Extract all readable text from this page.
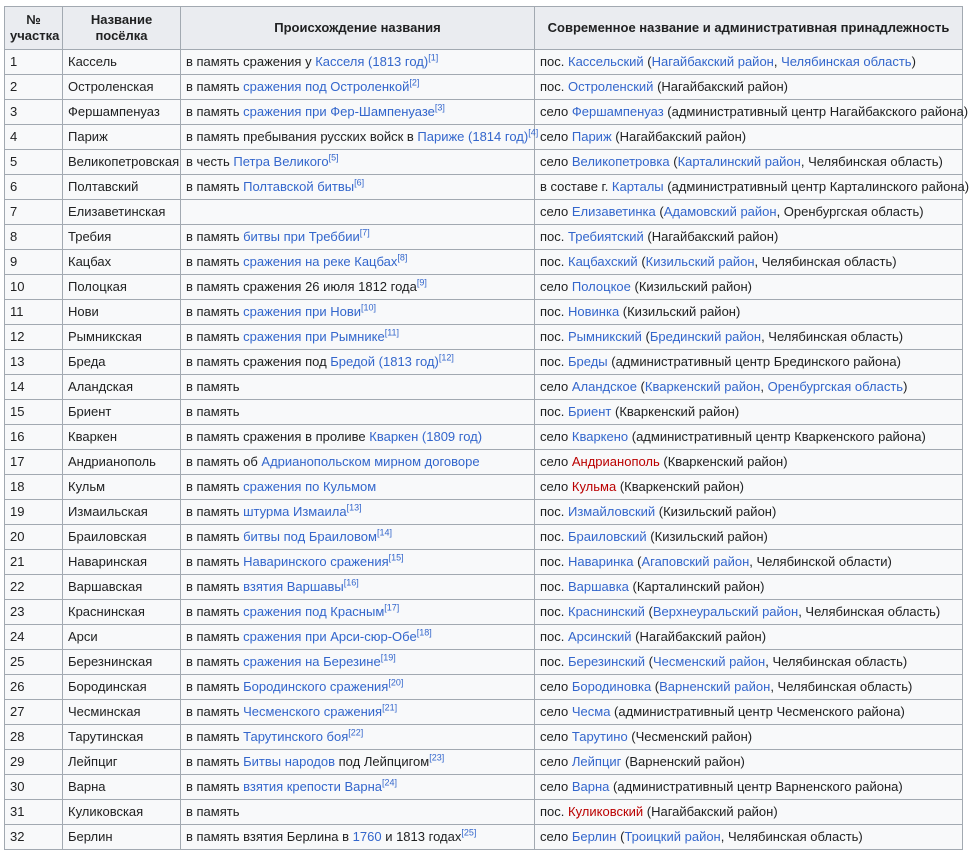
№ участка	Название посёлка	Происхождение названия	Современное название и административная принадлежность
1	Кассель	в память сражения у Касселя (1813 год)[1]	пос. Кассельский (Нагайбакский район, Челябинская область)
2	Остроленская	в память сражения под Остроленкой[2]	пос. Остроленский (Нагайбакский район)
3	Фершампенуаз	в память сражения при Фер-Шампенуазе[3]	село Фершампенуаз (административный центр Нагайбакского района)
4	Париж	в память пребывания русских войск в Париже (1814 год)[4]	село Париж (Нагайбакский район)
5	Великопетровская	в честь Петра Великого[5]	село Великопетровка (Карталинский район, Челябинская область)
6	Полтавский	в память Полтавской битвы[6]	в составе г. Карталы (административный центр Карталинского района)
7	Елизаветинская		село Елизаветинка (Адамовский район, Оренбургская область)
8	Требия	в память битвы при Треббии[7]	пос. Требиятский (Нагайбакский район)
9	Кацбах	в память сражения на реке Кацбах[8]	пос. Кацбахский (Кизильский район, Челябинская область)
10	Полоцкая	в память сражения 26 июля 1812 года[9]	село Полоцкое (Кизильский район)
11	Нови	в память сражения при Нови[10]	пос. Новинка (Кизильский район)
12	Рымникская	в память сражения при Рымнике[11]	пос. Рымникский (Брединский район, Челябинская область)
13	Бреда	в память сражения под Бредой (1813 год)[12]	пос. Бреды (административный центр Брединского района)
14	Аландская	в память	село Аландское (Кваркенский район, Оренбургская область)
15	Бриент	в память	пос. Бриент (Кваркенский район)
16	Кваркен	в память сражения в проливе Кваркен (1809 год)	село Кваркено (административный центр Кваркенского района)
17	Андрианополь	в память об Адрианопольском мирном договоре	село Андрианополь (Кваркенский район)
18	Кульм	в память сражения по Кульмом	село Кульма (Кваркенский район)
19	Измаильская	в память штурма Измаила[13]	пос. Измайловский (Кизильский район)
20	Браиловская	в память битвы под Браиловом[14]	пос. Браиловский (Кизильский район)
21	Наваринская	в память Наваринского сражения[15]	пос. Наваринка (Агаповский район, Челябинской области)
22	Варшавская	в память взятия Варшавы[16]	пос. Варшавка (Карталинский район)
23	Краснинская	в память сражения под Красным[17]	пос. Краснинский (Верхнеуральский район, Челябинская область)
24	Арси	в память сражения при Арси-сюр-Обе[18]	пос. Арсинский (Нагайбакский район)
25	Березнинская	в память сражения на Березине[19]	пос. Березинский (Чесменский район, Челябинская область)
26	Бородинская	в память Бородинского сражения[20]	село Бородиновка (Варненский район, Челябинская область)
27	Чесминская	в память Чесменского сражения[21]	село Чесма (административный центр Чесменского района)
28	Тарутинская	в память Тарутинского боя[22]	село Тарутино (Чесменский район)
29	Лейпциг	в память Битвы народов под Лейпцигом[23]	село Лейпциг (Варненский район)
30	Варна	в память взятия крепости Варна[24]	село Варна (административный центр Варненского района)
31	Куликовская	в память	пос. Куликовский (Нагайбакский район)
32	Берлин	в память взятия Берлина в 1760 и 1813 годах[25]	село Берлин (Троицкий район, Челябинская область)
